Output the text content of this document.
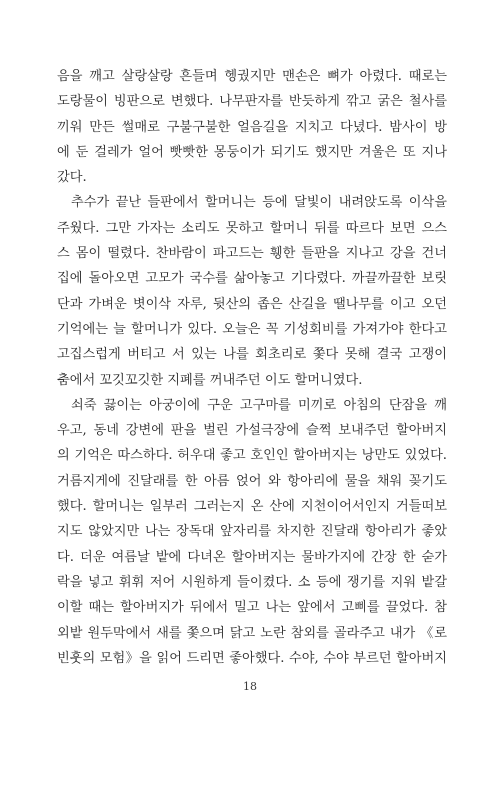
음을 깨고 살랑살랑 흔들며 헹궜지만 맨손은 뼈가 아렸다. 때로는
도랑물이 빙판으로 변했다. 나무판자를 반듯하게 깎고 굵은 철사를
끼워 만든 썰매로 구불구불한 얼음길을 지치고 다녔다. 밤사이 방
에 둔 걸레가 얼어 빳빳한 몽둥이가 되기도 했지만 겨울은 또 지나
갔다.
추수가 끝난 들판에서 할머니는 등에 달빛이 내려앉도록 이삭을
주웠다. 그만 가자는 소리도 못하고 할머니 뒤를 따르다 보면 으스
스 몸이 떨렸다. 찬바람이 파고드는 휑한 들판을 지나고 강을 건너
집에 돌아오면 고모가 국수를 삶아놓고 기다렸다. 까끌까끌한 보릿
단과 가벼운 볏이삭 자루, 뒷산의 좁은 산길을 땔나무를 이고 오던
기억에는 늘 할머니가 있다. 오늘은 꼭 기성회비를 가져가야 한다고
고집스럽게 버티고 서 있는 나를 회초리로 쫓다 못해 결국 고쟁이
춤에서 꼬깃꼬깃한 지폐를 꺼내주던 이도 할머니였다.
쇠죽 끓이는 아궁이에 구운 고구마를 미끼로 아침의 단잠을 깨
우고, 동네 강변에 판을 벌린 가설극장에 슬쩍 보내주던 할아버지
의 기억은 따스하다. 허우대 좋고 호인인 할아버지는 낭만도 있었다.
거름지게에 진달래를 한 아름 얹어 와 항아리에 물을 채워 꽂기도
했다. 할머니는 일부러 그러는지 온 산에 지천이어서인지 거들떠보
지도 않았지만 나는 장독대 앞자리를 차지한 진달래 항아리가 좋았
다. 더운 여름날 밭에 다녀온 할아버지는 물바가지에 간장 한 숟가
락을 넣고 휘휘 저어 시원하게 들이켰다. 소 등에 쟁기를 지워 밭갈
이할 때는 할아버지가 뒤에서 밀고 나는 앞에서 고삐를 끌었다. 참
외밭 원두막에서 새를 쫓으며 닭고 노란 참외를 골라주고 내가 《로
빈훗의 모험》을 읽어 드리면 좋아했다. 수야, 수야 부르던 할아버지
18
